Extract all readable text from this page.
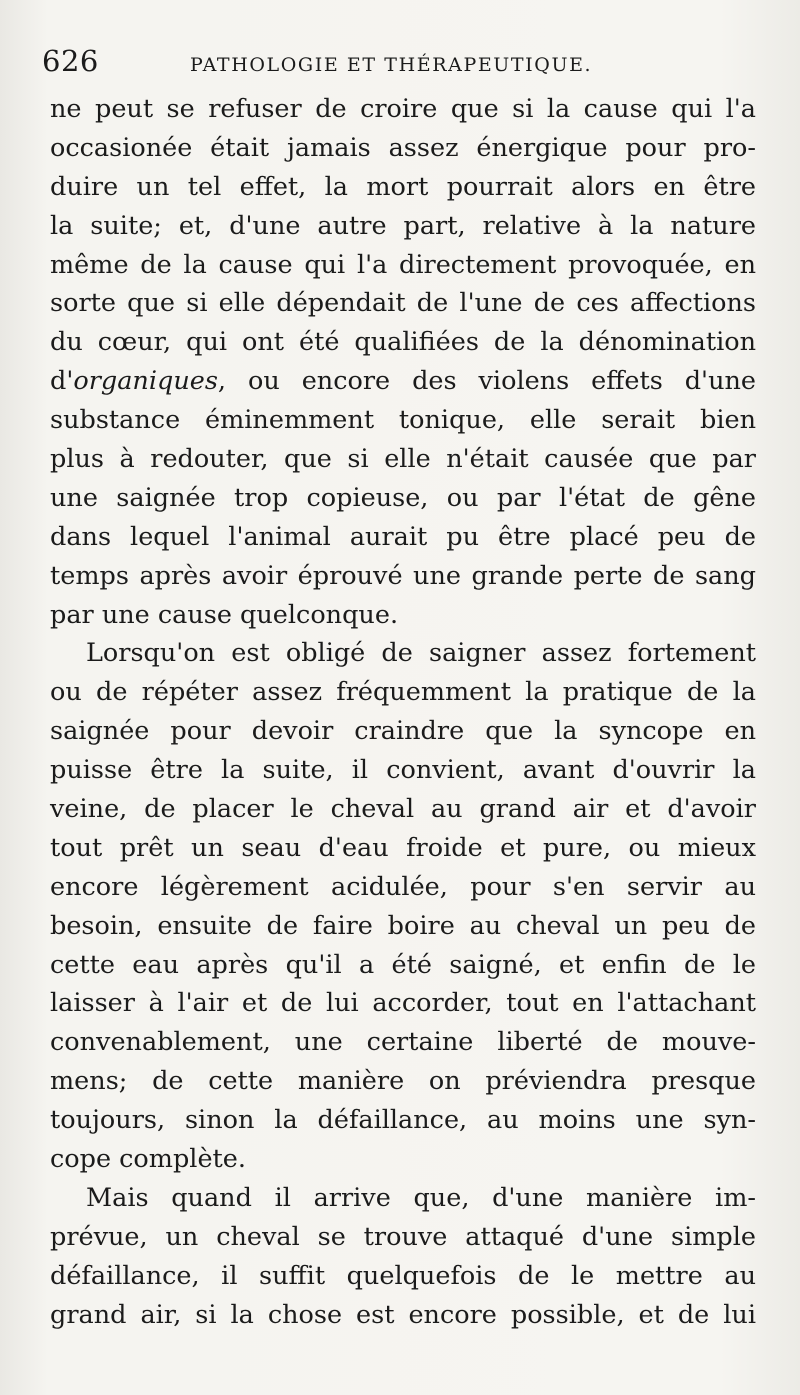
626	PATHOLOGIE ET THÉRAPEUTIQUE.
ne peut se refuser de croire que si la cause qui l'a
occasionée était jamais assez énergique pour pro-
duire un tel effet, la mort pourrait alors en être
la suite; et, d'une autre part, relative à la nature
même de la cause qui l'a directement provoquée, en
sorte que si elle dépendait de l'une de ces affections
du cœur, qui ont été qualifiées de la dénomination
d'organiques, ou encore des violens effets d'une
substance éminemment tonique, elle serait bien
plus à redouter, que si elle n'était causée que par
une saignée trop copieuse, ou par l'état de gêne
dans lequel l'animal aurait pu être placé peu de
temps après avoir éprouvé une grande perte de sang
par une cause quelconque.
Lorsqu'on est obligé de saigner assez fortement
ou de répéter assez fréquemment la pratique de la
saignée pour devoir craindre que la syncope en
puisse être la suite, il convient, avant d'ouvrir la
veine, de placer le cheval au grand air et d'avoir
tout prêt un seau d'eau froide et pure, ou mieux
encore légèrement acidulée, pour s'en servir au
besoin, ensuite de faire boire au cheval un peu de
cette eau après qu'il a été saigné, et enfin de le
laisser à l'air et de lui accorder, tout en l'attachant
convenablement, une certaine liberté de mouve-
mens; de cette manière on préviendra presque
toujours, sinon la défaillance, au moins une syn-
cope complète.
Mais quand il arrive que, d'une manière im-
prévue, un cheval se trouve attaqué d'une simple
défaillance, il suffit quelquefois de le mettre au
grand air, si la chose est encore possible, et de lui
